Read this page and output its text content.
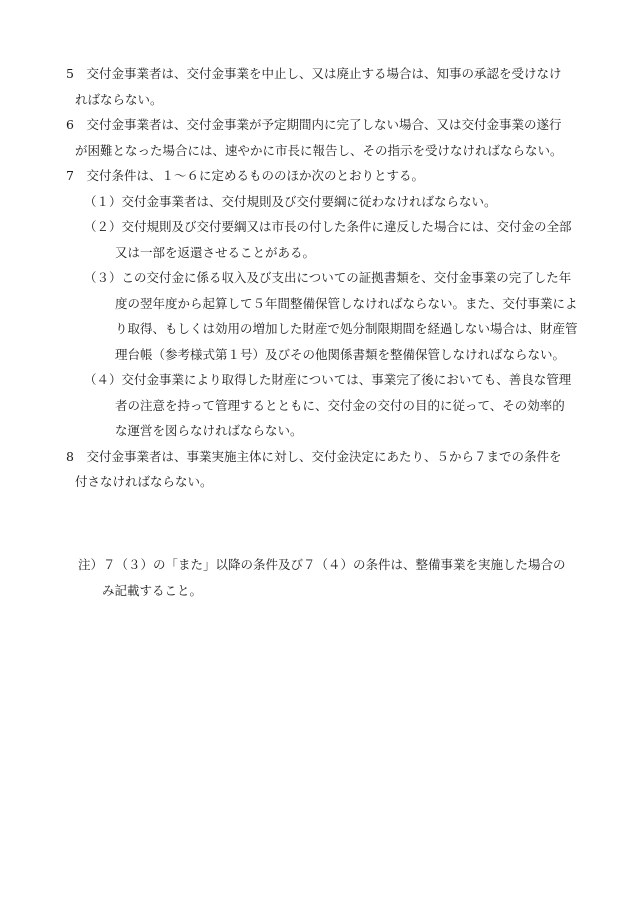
5　交付金事業者は、交付金事業を中止し、又は廃止する場合は、知事の承認を受けなけ
ればならない。
6　交付金事業者は、交付金事業が予定期間内に完了しない場合、又は交付金事業の遂行
が困難となった場合には、速やかに市長に報告し、その指示を受けなければならない。
7　交付条件は、１～６に定めるもののほか次のとおりとする。
（１）交付金事業者は、交付規則及び交付要綱に従わなければならない。
（２）交付規則及び交付要綱又は市長の付した条件に違反した場合には、交付金の全部
又は一部を返還させることがある。
（３）この交付金に係る収入及び支出についての証拠書類を、交付金事業の完了した年
度の翌年度から起算して５年間整備保管しなければならない。また、交付事業によ
り取得、もしくは効用の増加した財産で処分制限期間を経過しない場合は、財産管
理台帳（参考様式第１号）及びその他関係書類を整備保管しなければならない。
（４）交付金事業により取得した財産については、事業完了後においても、善良な管理
者の注意を持って管理するとともに、交付金の交付の目的に従って、その効率的
な運営を図らなければならない。
8　交付金事業者は、事業実施主体に対し、交付金決定にあたり、５から７までの条件を
付さなければならない。
注）７（３）の「また」以降の条件及び７（４）の条件は、整備事業を実施した場合の
み記載すること。
